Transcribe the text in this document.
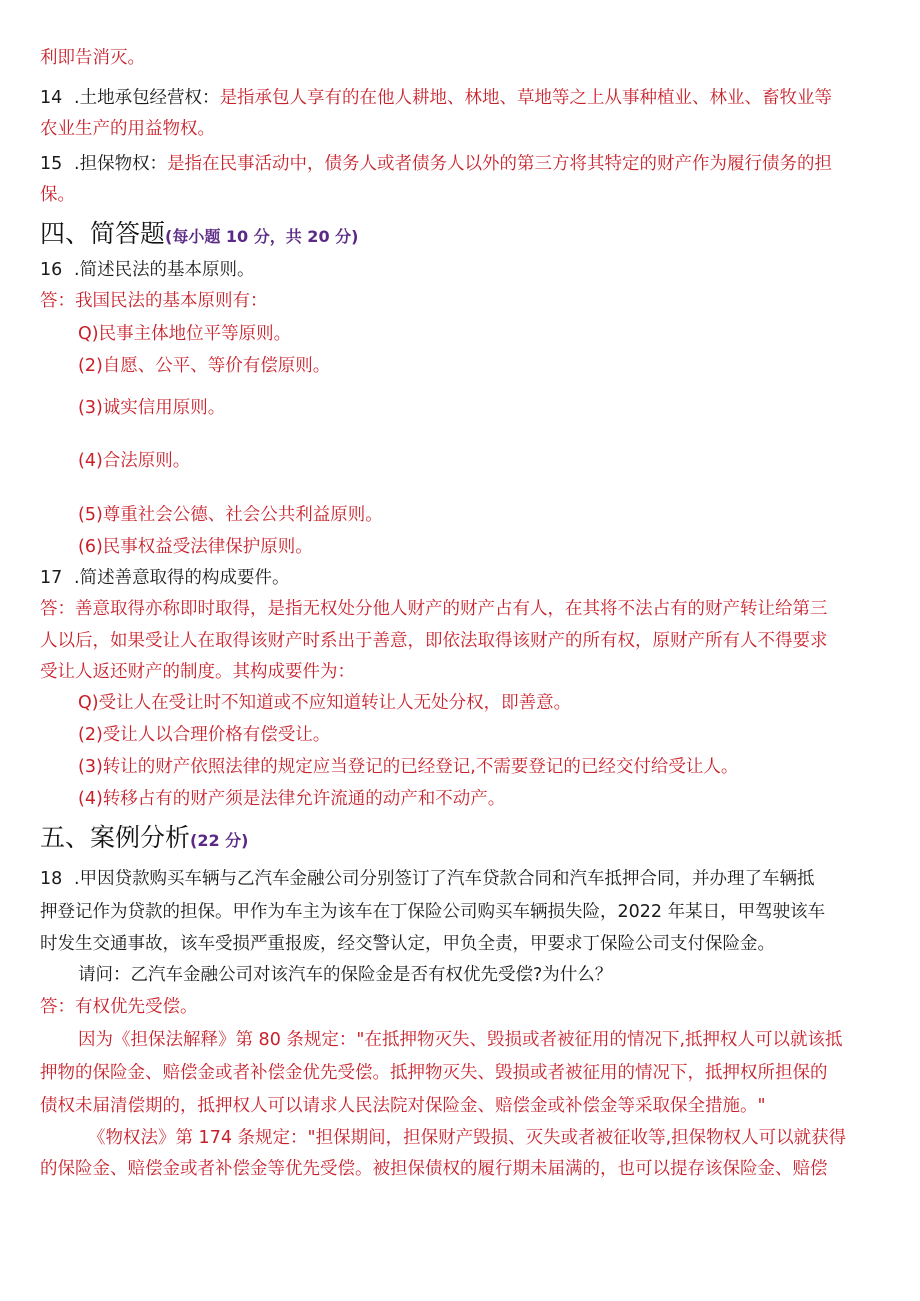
利即告消灭。
14 .土地承包经营权：是指承包人享有的在他人耕地、林地、草地等之上从事种植业、林业、畜牧业等
农业生产的用益物权。
15 .担保物权：是指在民事活动中，债务人或者债务人以外的第三方将其特定的财产作为履行债务的担
保。
四、简答题(每小题 10 分，共 20 分)
16 .简述民法的基本原则。
答：我国民法的基本原则有：
Q)民事主体地位平等原则。
(2)自愿、公平、等价有偿原则。
(3)诚实信用原则。
(4)合法原则。
(5)尊重社会公德、社会公共利益原则。
(6)民事权益受法律保护原则。
17 .简述善意取得的构成要件。
答：善意取得亦称即时取得，是指无权处分他人财产的财产占有人，在其将不法占有的财产转让给第三
人以后，如果受让人在取得该财产时系出于善意，即依法取得该财产的所有权，原财产所有人不得要求
受让人返还财产的制度。其构成要件为：
Q)受让人在受让时不知道或不应知道转让人无处分权，即善意。
(2)受让人以合理价格有偿受让。
(3)转让的财产依照法律的规定应当登记的已经登记,不需要登记的已经交付给受让人。
(4)转移占有的财产须是法律允许流通的动产和不动产。
五、案例分析(22 分)
18 .甲因贷款购买车辆与乙汽车金融公司分别签订了汽车贷款合同和汽车抵押合同，并办理了车辆抵
押登记作为贷款的担保。甲作为车主为该车在丁保险公司购买车辆损失险，2022 年某日，甲驾驶该车
时发生交通事故，该车受损严重报废，经交警认定，甲负全责，甲要求丁保险公司支付保险金。
请问：乙汽车金融公司对该汽车的保险金是否有权优先受偿?为什么？
答：有权优先受偿。
因为《担保法解释》第 80 条规定："在抵押物灭失、毁损或者被征用的情况下,抵押权人可以就该抵
押物的保险金、赔偿金或者补偿金优先受偿。抵押物灭失、毁损或者被征用的情况下，抵押权所担保的
债权未届清偿期的，抵押权人可以请求人民法院对保险金、赔偿金或补偿金等采取保全措施。"
《物权法》第 174 条规定："担保期间，担保财产毁损、灭失或者被征收等,担保物权人可以就获得
的保险金、赔偿金或者补偿金等优先受偿。被担保债权的履行期未届满的，也可以提存该保险金、赔偿
